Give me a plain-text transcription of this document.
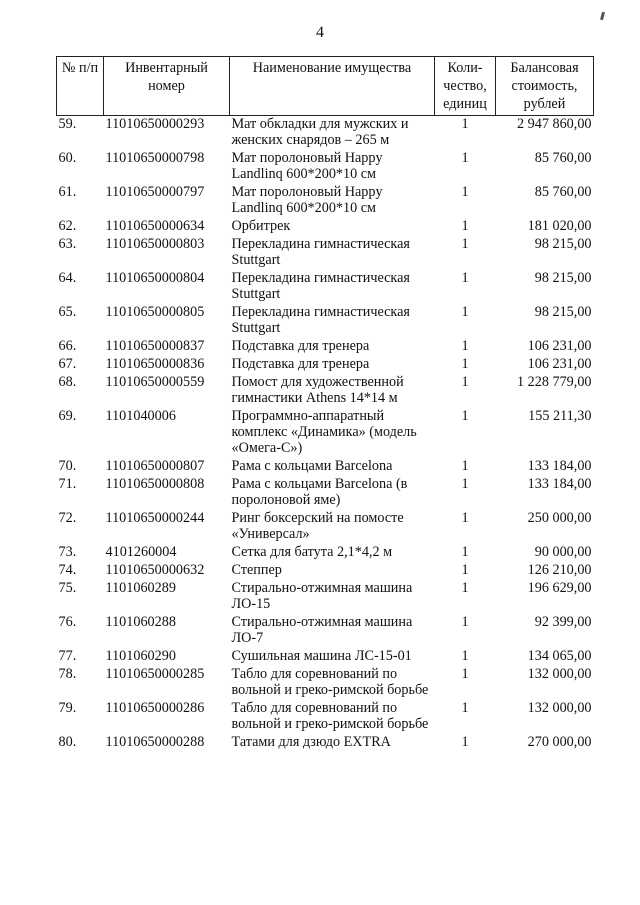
4
№ п/п	Инвентарный номер	Наименование имущества	Коли- чество, единиц	Балансовая стоимость, рублей
59.	11010650000293	Мат обкладки для мужских и женских снарядов – 265 м	1	2 947 860,00
60.	11010650000798	Мат поролоновый Happy Landlinq 600*200*10 см	1	85 760,00
61.	11010650000797	Мат поролоновый Happy Landlinq 600*200*10 см	1	85 760,00
62.	11010650000634	Орбитрек	1	181 020,00
63.	11010650000803	Перекладина гимнастическая Stuttgart	1	98 215,00
64.	11010650000804	Перекладина гимнастическая Stuttgart	1	98 215,00
65.	11010650000805	Перекладина гимнастическая Stuttgart	1	98 215,00
66.	11010650000837	Подставка для тренера	1	106 231,00
67.	11010650000836	Подставка для тренера	1	106 231,00
68.	11010650000559	Помост для художественной гимнастики Athens 14*14 м	1	1 228 779,00
69.	1101040006	Программно-аппаратный комплекс «Динамика» (модель «Омега-С»)	1	155 211,30
70.	11010650000807	Рама с кольцами Barcelona	1	133 184,00
71.	11010650000808	Рама с кольцами Barcelona (в поролоновой яме)	1	133 184,00
72.	11010650000244	Ринг боксерский на помосте «Универсал»	1	250 000,00
73.	4101260004	Сетка для батута 2,1*4,2 м	1	90 000,00
74.	11010650000632	Степпер	1	126 210,00
75.	1101060289	Стирально-отжимная машина ЛО-15	1	196 629,00
76.	1101060288	Стирально-отжимная машина ЛО-7	1	92 399,00
77.	1101060290	Сушильная машина ЛС-15-01	1	134 065,00
78.	11010650000285	Табло для соревнований по вольной и греко-римской борьбе	1	132 000,00
79.	11010650000286	Табло для соревнований по вольной и греко-римской борьбе	1	132 000,00
80.	11010650000288	Татами для дзюдо EXTRA	1	270 000,00
